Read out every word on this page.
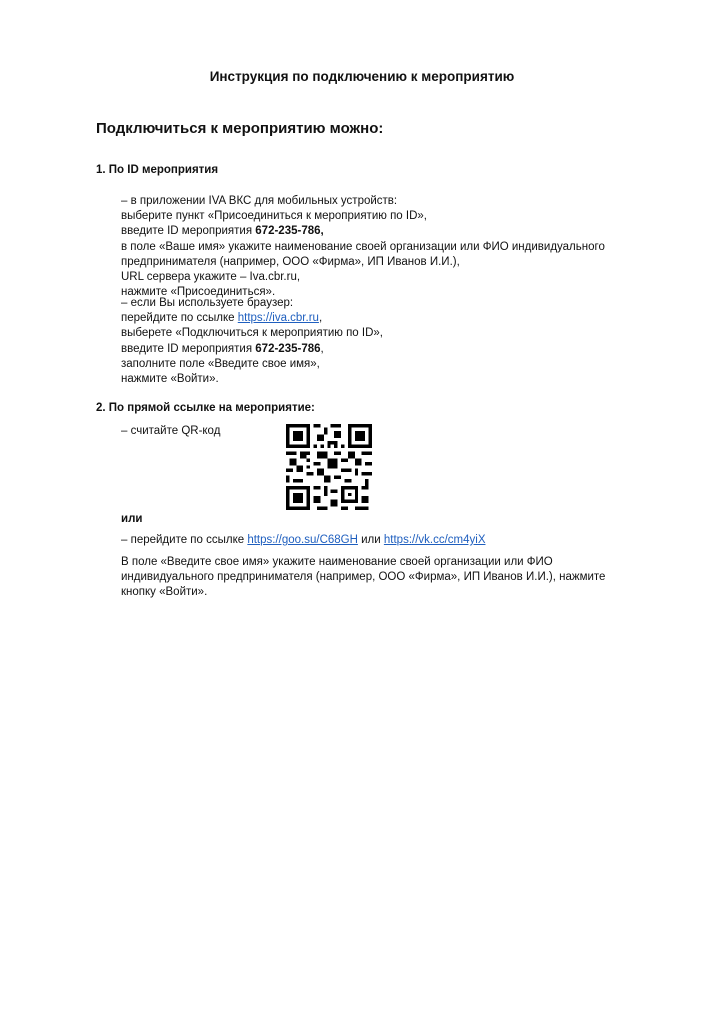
Инструкция по подключению к мероприятию
Подключиться к мероприятию можно:
1. По ID мероприятия
– в приложении IVA ВКС для мобильных устройств:
выберите пункт «Присоединиться к мероприятию по ID»,
введите ID мероприятия 672-235-786,
в поле «Ваше имя» укажите наименование своей организации или ФИО индивидуального
предпринимателя (например, ООО «Фирма», ИП Иванов И.И.),
URL сервера укажите – Iva.cbr.ru,
нажмите «Присоединиться».
– если Вы используете браузер:
перейдите по ссылке https://iva.cbr.ru,
выберете «Подключиться к мероприятию по ID»,
введите ID мероприятия 672-235-786,
заполните поле «Введите свое имя»,
нажмите «Войти».
2. По прямой ссылке на мероприятие:
– считайте QR-код
или
– перейдите по ссылке https://goo.su/C68GH или https://vk.cc/cm4yiX
В поле «Введите свое имя» укажите наименование своей организации или ФИО
индивидуального предпринимателя (например, ООО «Фирма», ИП Иванов И.И.), нажмите
кнопку «Войти».
